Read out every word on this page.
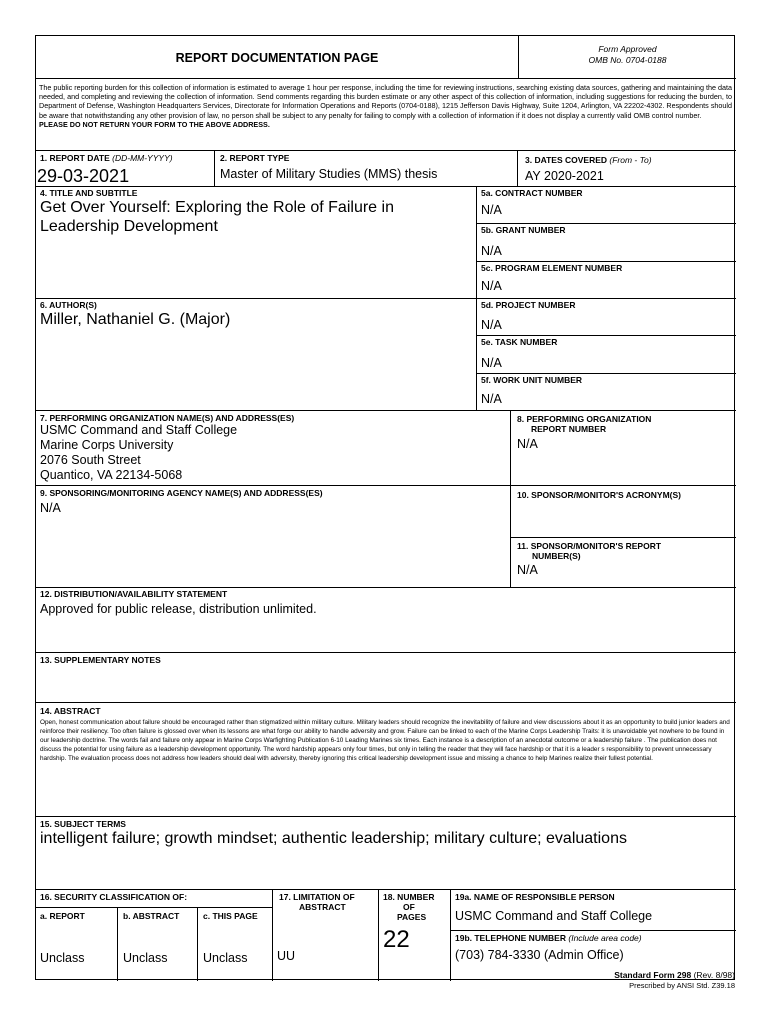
REPORT DOCUMENTATION PAGE
Form Approved
OMB No. 0704-0188
The public reporting burden for this collection of information is estimated to average 1 hour per response, including the time for reviewing instructions, searching existing data sources, gathering and maintaining the data needed, and completing and reviewing the collection of information. Send comments regarding this burden estimate or any other aspect of this collection of information, including suggestions for reducing the burden, to Department of Defense, Washington Headquarters Services, Directorate for Information Operations and Reports (0704-0188), 1215 Jefferson Davis Highway, Suite 1204, Arlington, VA 22202-4302. Respondents should be aware that notwithstanding any other provision of law, no person shall be subject to any penalty for failing to comply with a collection of information if it does not display a currently valid OMB control number.
PLEASE DO NOT RETURN YOUR FORM TO THE ABOVE ADDRESS.
1. REPORT DATE (DD-MM-YYYY)
29-03-2021
2. REPORT TYPE
Master of Military Studies (MMS) thesis
3. DATES COVERED (From - To)
AY 2020-2021
4. TITLE AND SUBTITLE
Get Over Yourself: Exploring the Role of Failure in Leadership Development
5a. CONTRACT NUMBER
N/A
5b. GRANT NUMBER
N/A
5c. PROGRAM ELEMENT NUMBER
N/A
6. AUTHOR(S)
Miller, Nathaniel G. (Major)
5d. PROJECT NUMBER
N/A
5e. TASK NUMBER
N/A
5f. WORK UNIT NUMBER
N/A
7. PERFORMING ORGANIZATION NAME(S) AND ADDRESS(ES)
USMC Command and Staff College
Marine Corps University
2076 South Street
Quantico, VA 22134-5068
8. PERFORMING ORGANIZATION
REPORT NUMBER
N/A
9. SPONSORING/MONITORING AGENCY NAME(S) AND ADDRESS(ES)
N/A
10. SPONSOR/MONITOR'S ACRONYM(S)
11. SPONSOR/MONITOR'S REPORT
NUMBER(S)
N/A
12. DISTRIBUTION/AVAILABILITY STATEMENT
Approved for public release, distribution unlimited.
13. SUPPLEMENTARY NOTES
14. ABSTRACT
Open, honest communication about failure should be encouraged rather than stigmatized within military culture. Military leaders should recognize the inevitability of failure and view discussions about it as an opportunity to build junior leaders and reinforce their resiliency. Too often failure is glossed over when its lessons are what forge our ability to handle adversity and grow. Failure can be linked to each of the Marine Corps Leadership Traits: it is unavoidable yet nowhere to be found in our leadership doctrine. The words fail and failure only appear in Marine Corps Warfighting Publication 6-10 Leading Marines six times. Each instance is a description of an anecdotal outcome or a leadership failure . The publication does not discuss the potential for using failure as a leadership development opportunity. The word hardship appears only four times, but only in telling the reader that they will face hardship or that it is a leader s responsibility to prevent unnecessary hardship. The evaluation process does not address how leaders should deal with adversity, thereby ignoring this critical leadership development issue and missing a chance to help Marines realize their fullest potential.
15. SUBJECT TERMS
intelligent failure; growth mindset; authentic leadership; military culture; evaluations
16. SECURITY CLASSIFICATION OF:
a. REPORT
Unclass
b. ABSTRACT
Unclass
c. THIS PAGE
Unclass
17. LIMITATION OF
ABSTRACT
UU
18. NUMBER
OF
PAGES
22
19a. NAME OF RESPONSIBLE PERSON
USMC Command and Staff College
19b. TELEPHONE NUMBER (Include area code)
(703) 784-3330 (Admin Office)
Standard Form 298 (Rev. 8/98)
Prescribed by ANSI Std. Z39.18
